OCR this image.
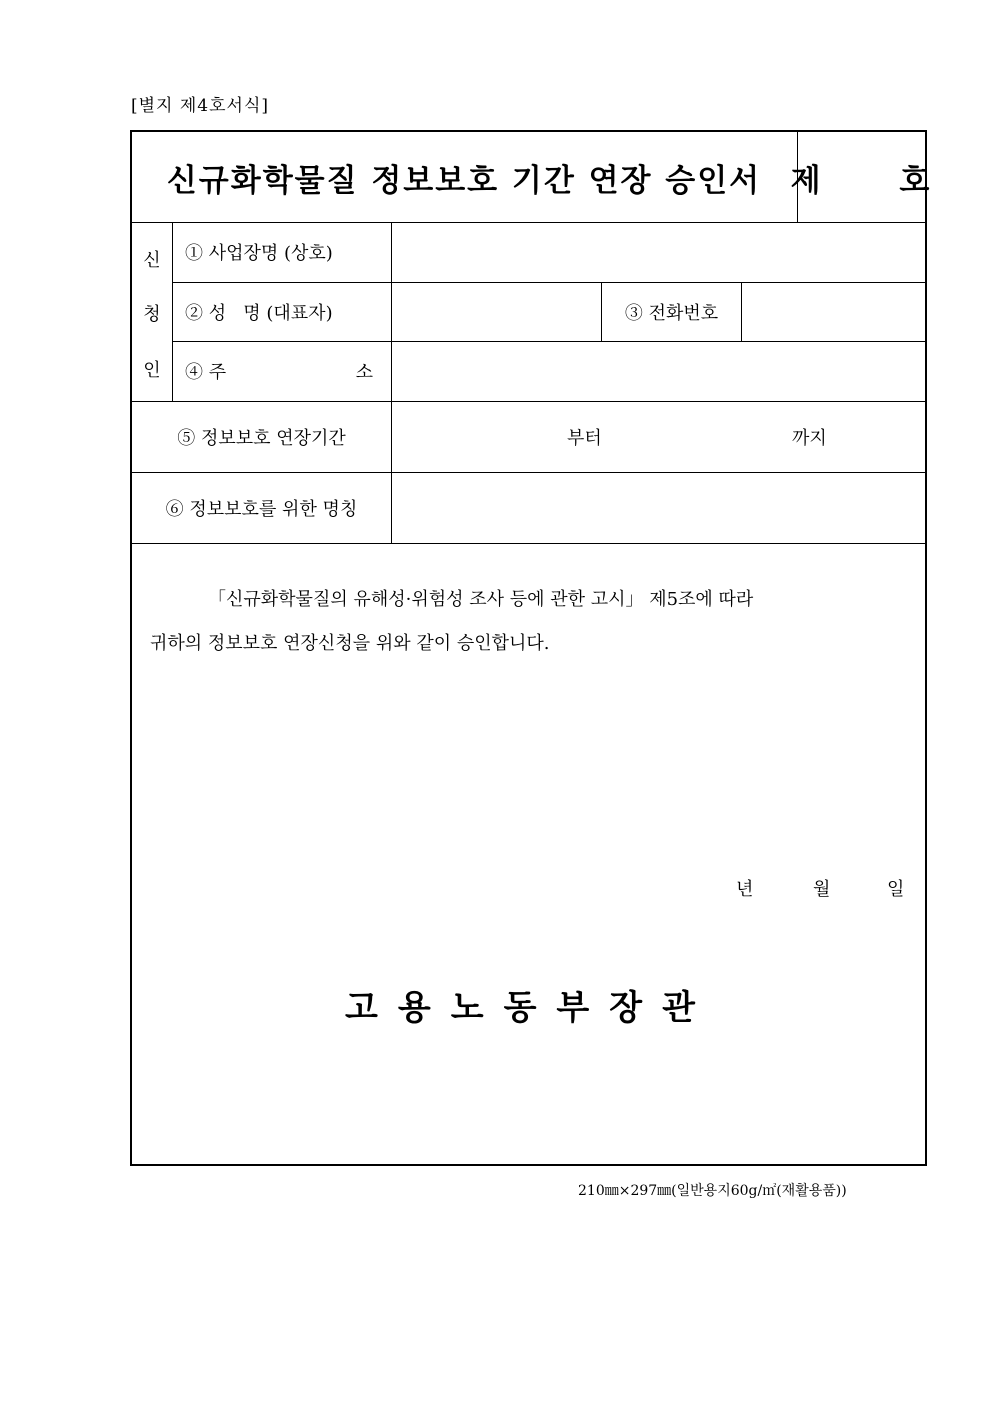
[별지 제4호서식]
신규화학물질 정보보호 기간 연장 승인서 제      호
신
청
인
① 사업장명 (상호)
② 성   명 (대표자)	③ 전화번호
④ 주	소
⑤ 정보보호 연장기간	부터	까지
⑥ 정보보호를 위한 명칭
「신규화학물질의 유해성·위험성 조사 등에 관한 고시」 제5조에 따라
귀하의 정보보호 연장신청을 위와 같이 승인합니다.
년	월	일
고용노동부장관
210㎜×297㎜(일반용지60g/㎡(재활용품))
